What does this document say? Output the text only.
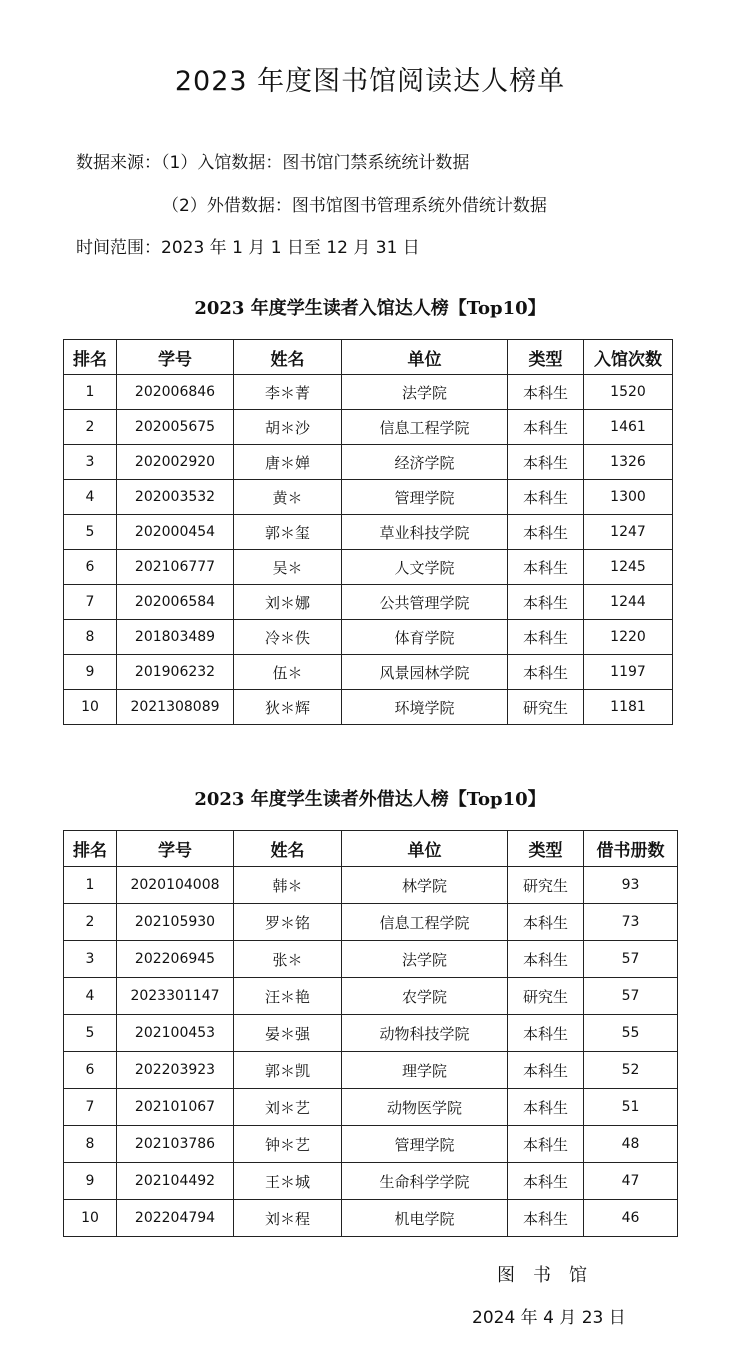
2023 年度图书馆阅读达人榜单
数据来源：（1）入馆数据：图书馆门禁系统统计数据
（2）外借数据：图书馆图书管理系统外借统计数据
时间范围：2023 年 1 月 1 日至 12 月 31 日
2023 年度学生读者入馆达人榜【Top10】
排名	学号	姓名	单位	类型	入馆次数
1	202006846	李＊菁	法学院	本科生	1520
2	202005675	胡＊沙	信息工程学院	本科生	1461
3	202002920	唐＊婵	经济学院	本科生	1326
4	202003532	黄＊	管理学院	本科生	1300
5	202000454	郭＊玺	草业科技学院	本科生	1247
6	202106777	吴＊	人文学院	本科生	1245
7	202006584	刘＊娜	公共管理学院	本科生	1244
8	201803489	冷＊佚	体育学院	本科生	1220
9	201906232	伍＊	风景园林学院	本科生	1197
10	2021308089	狄＊辉	环境学院	研究生	1181
2023 年度学生读者外借达人榜【Top10】
排名	学号	姓名	单位	类型	借书册数
1	2020104008	韩＊	林学院	研究生	93
2	202105930	罗＊铭	信息工程学院	本科生	73
3	202206945	张＊	法学院	本科生	57
4	2023301147	汪＊艳	农学院	研究生	57
5	202100453	晏＊强	动物科技学院	本科生	55
6	202203923	郭＊凯	理学院	本科生	52
7	202101067	刘＊艺	动物医学院	本科生	51
8	202103786	钟＊艺	管理学院	本科生	48
9	202104492	王＊城	生命科学学院	本科生	47
10	202204794	刘＊程	机电学院	本科生	46
图　书　馆
2024 年 4 月 23 日
